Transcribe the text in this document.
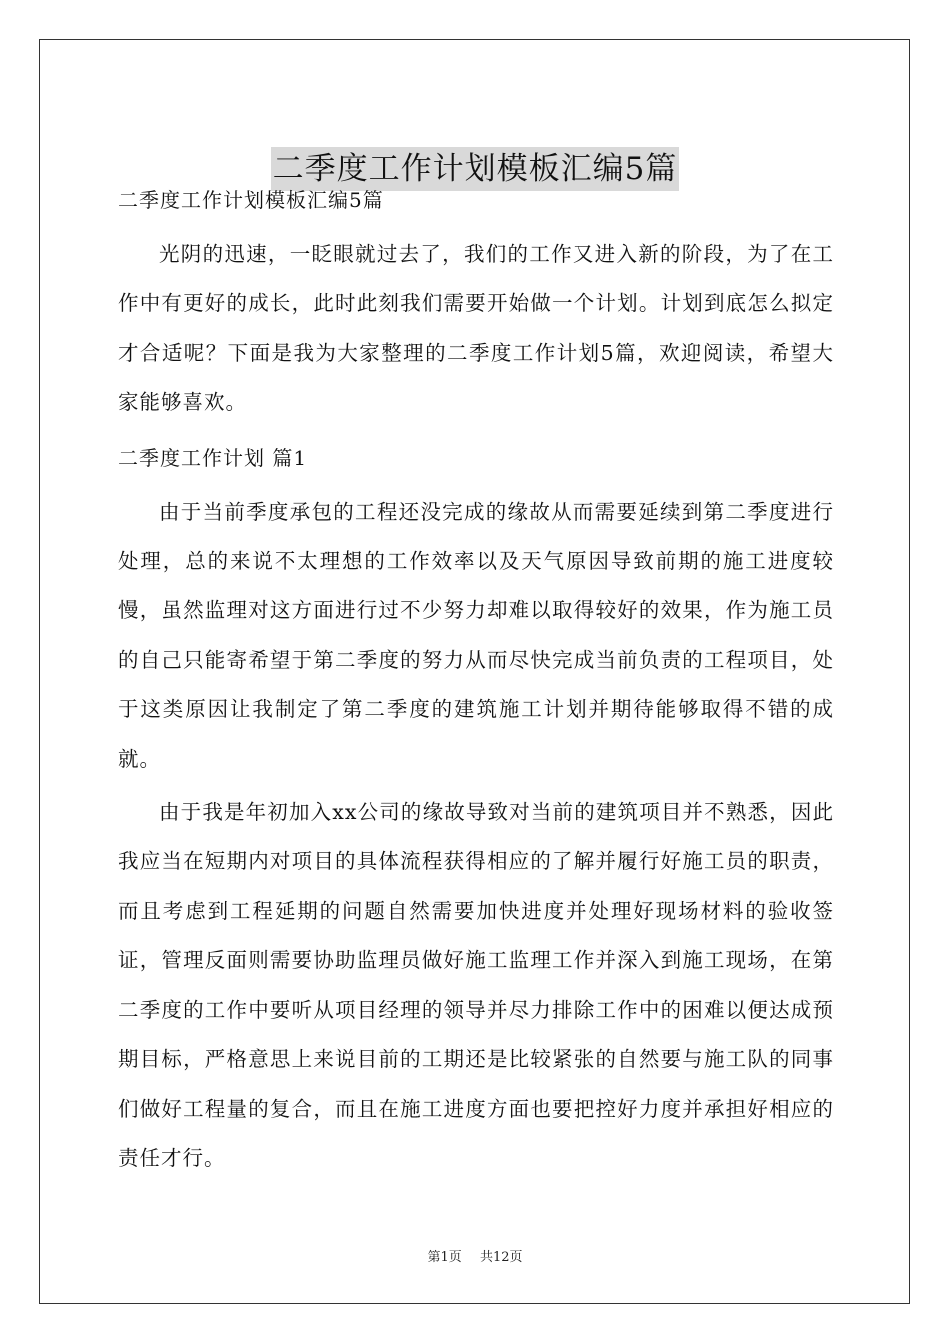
二季度工作计划模板汇编5篇

二季度工作计划模板汇编5篇

光阴的迅速，一眨眼就过去了，我们的工作又进入新的阶段，为了在工作中有更好的成长，此时此刻我们需要开始做一个计划。计划到底怎么拟定才合适呢？下面是我为大家整理的二季度工作计划5篇，欢迎阅读，希望大家能够喜欢。

二季度工作计划 篇1

由于当前季度承包的工程还没完成的缘故从而需要延续到第二季度进行处理，总的来说不太理想的工作效率以及天气原因导致前期的施工进度较慢，虽然监理对这方面进行过不少努力却难以取得较好的效果，作为施工员的自己只能寄希望于第二季度的努力从而尽快完成当前负责的工程项目，处于这类原因让我制定了第二季度的建筑施工计划并期待能够取得不错的成就。

由于我是年初加入xx公司的缘故导致对当前的建筑项目并不熟悉，因此我应当在短期内对项目的具体流程获得相应的了解并履行好施工员的职责，而且考虑到工程延期的问题自然需要加快进度并处理好现场材料的验收签证，管理反面则需要协助监理员做好施工监理工作并深入到施工现场，在第二季度的工作中要听从项目经理的领导并尽力排除工作中的困难以便达成预期目标，严格意思上来说目前的工期还是比较紧张的自然要与施工队的同事们做好工程量的复合，而且在施工进度方面也要把控好力度并承担好相应的责任才行。

第1页 共12页
